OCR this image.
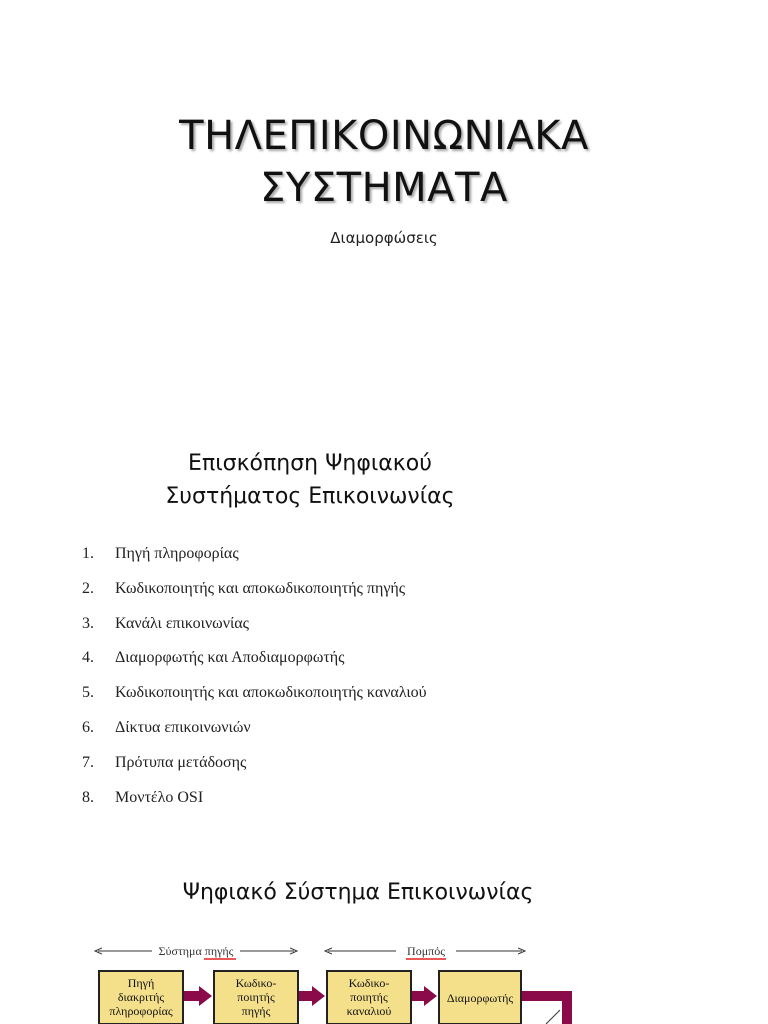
ΤΗΛΕΠΙΚΟΙΝΩΝΙΑΚΑ
ΣΥΣΤΗΜΑΤΑ
Διαμορφώσεις
Επισκόπηση Ψηφιακού
Συστήματος Επικοινωνίας
1.	Πηγή πληροφορίας
2.	Κωδικοποιητής και αποκωδικοποιητής πηγής
3.	Κανάλι επικοινωνίας
4.	Διαμορφωτής και Αποδιαμορφωτής
5.	Κωδικοποιητής και αποκωδικοποιητής καναλιού
6.	Δίκτυα επικοινωνιών
7.	Πρότυπα μετάδοσης
8.	Μοντέλο OSI
Ψηφιακό Σύστημα Επικοινωνίας
Σύστημα πηγής	Πομπός
Πηγή
διακριτής
πληροφορίας
Κωδικο-
ποιητής
πηγής
Κωδικο-
ποιητής
καναλιού
Διαμορφωτής
